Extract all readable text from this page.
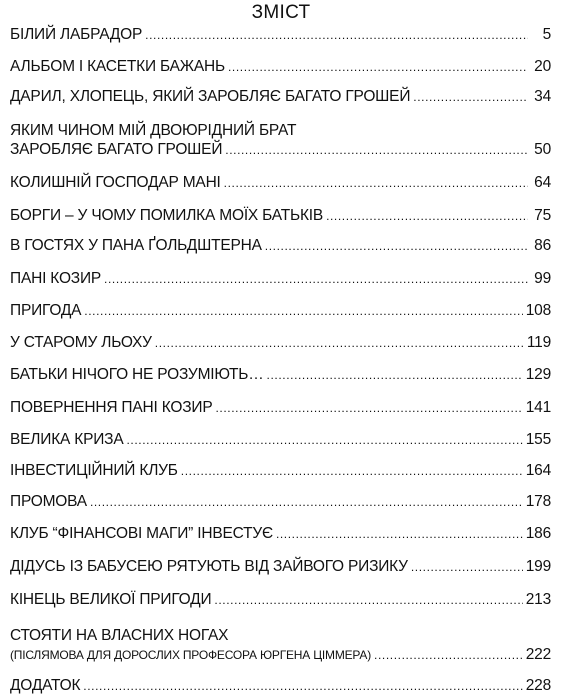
ЗМІСТ
БІЛИЙ ЛАБРАДОР .....	5
АЛЬБОМ І КАСЕТКИ БАЖАНЬ .....	20
ДАРИЛ, ХЛОПЕЦЬ, ЯКИЙ ЗАРОБЛЯЄ БАГАТО ГРОШЕЙ .....	34
ЯКИМ ЧИНОМ МІЙ ДВОЮРІДНИЙ БРАТ
ЗАРОБЛЯЄ БАГАТО ГРОШЕЙ .....	50
КОЛИШНІЙ ГОСПОДАР МАНІ .....	64
БОРГИ – У ЧОМУ ПОМИЛКА МОЇХ БАТЬКІВ .....	75
В ГОСТЯХ У ПАНА ҐОЛЬДШТЕРНА .....	86
ПАНІ КОЗИР .....	99
ПРИГОДА .....	108
У СТАРОМУ ЛЬОХУ .....	119
БАТЬКИ НІЧОГО НЕ РОЗУМІЮТЬ… .....	129
ПОВЕРНЕННЯ ПАНІ КОЗИР .....	141
ВЕЛИКА КРИЗА .....	155
ІНВЕСТИЦІЙНИЙ КЛУБ .....	164
ПРОМОВА .....	178
КЛУБ “ФІНАНСОВІ МАГИ” ІНВЕСТУЄ .....	186
ДІДУСЬ ІЗ БАБУСЕЮ РЯТУЮТЬ ВІД ЗАЙВОГО РИЗИКУ .....	199
КІНЕЦЬ ВЕЛИКОЇ ПРИГОДИ .....	213
СТОЯТИ НА ВЛАСНИХ НОГАХ
(ПІСЛЯМОВА ДЛЯ ДОРОСЛИХ ПРОФЕСОРА ЮРГЕНА ЦІММЕРА) .....	222
ДОДАТОК .....	228
